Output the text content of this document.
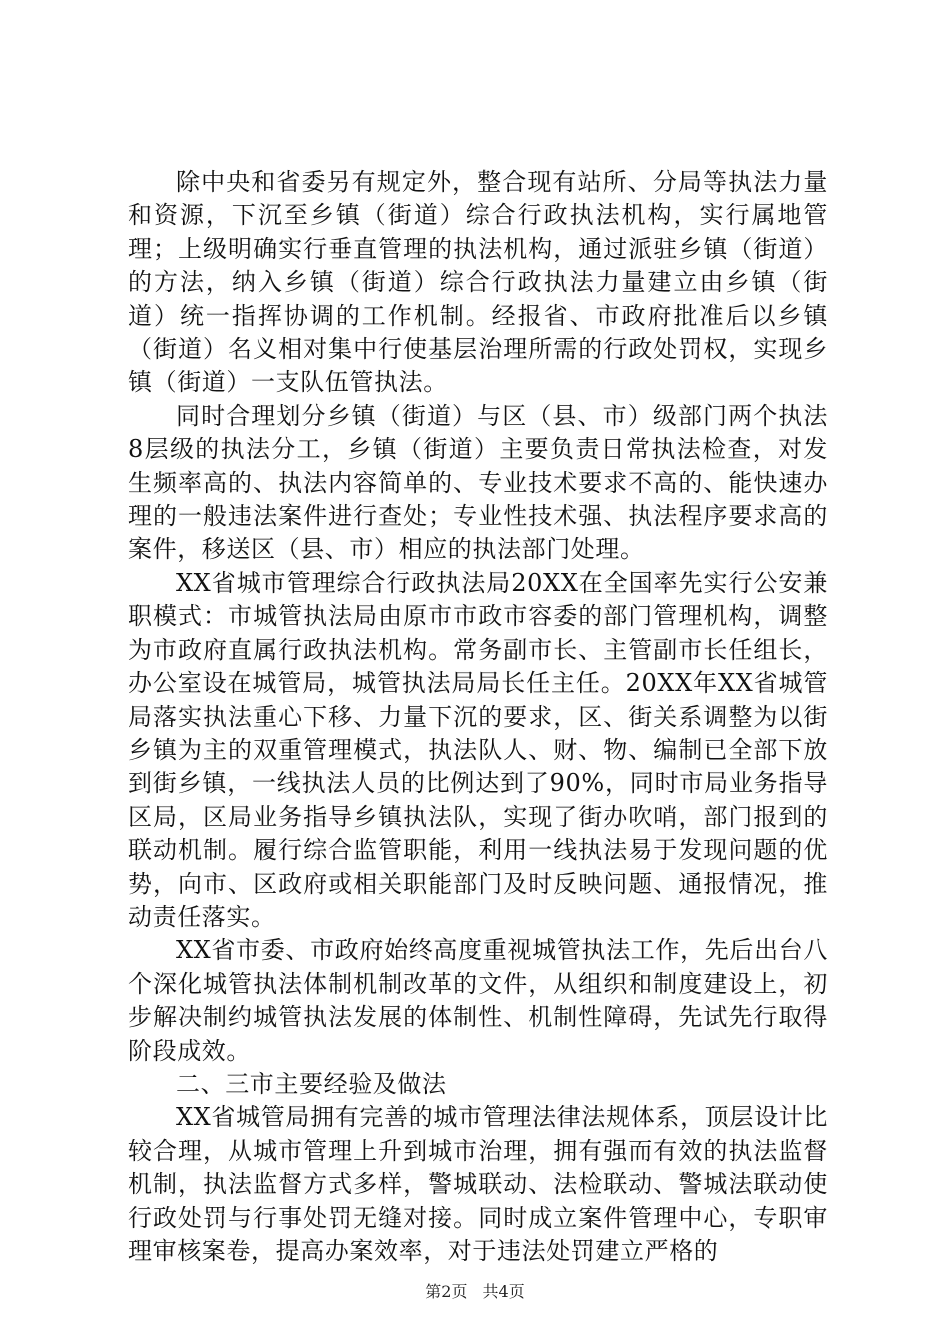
除中央和省委另有规定外，整合现有站所、分局等执法力量和资源，下沉至乡镇（街道）综合行政执法机构，实行属地管理；上级明确实行垂直管理的执法机构，通过派驻乡镇（街道）的方法，纳入乡镇（街道）综合行政执法力量建立由乡镇（街道）统一指挥协调的工作机制。经报省、市政府批准后以乡镇（街道）名义相对集中行使基层治理所需的行政处罚权，实现乡镇（街道）一支队伍管执法。

同时合理划分乡镇（街道）与区（县、市）级部门两个执法8层级的执法分工，乡镇（街道）主要负责日常执法检查，对发生频率高的、执法内容简单的、专业技术要求不高的、能快速办理的一般违法案件进行查处；专业性技术强、执法程序要求高的案件，移送区（县、市）相应的执法部门处理。

XX省城市管理综合行政执法局20XX在全国率先实行公安兼职模式：市城管执法局由原市市政市容委的部门管理机构，调整为市政府直属行政执法机构。常务副市长、主管副市长任组长，办公室设在城管局，城管执法局局长任主任。20XX年XX省城管局落实执法重心下移、力量下沉的要求，区、街关系调整为以街乡镇为主的双重管理模式，执法队人、财、物、编制已全部下放到街乡镇，一线执法人员的比例达到了90%，同时市局业务指导区局，区局业务指导乡镇执法队，实现了街办吹哨，部门报到的联动机制。履行综合监管职能，利用一线执法易于发现问题的优势，向市、区政府或相关职能部门及时反映问题、通报情况，推动责任落实。

XX省市委、市政府始终高度重视城管执法工作，先后出台八个深化城管执法体制机制改革的文件，从组织和制度建设上，初步解决制约城管执法发展的体制性、机制性障碍，先试先行取得阶段成效。

二、三市主要经验及做法

XX省城管局拥有完善的城市管理法律法规体系，顶层设计比较合理，从城市管理上升到城市治理，拥有强而有效的执法监督机制，执法监督方式多样，警城联动、法检联动、警城法联动使行政处罚与行事处罚无缝对接。同时成立案件管理中心，专职审理审核案卷，提高办案效率，对于违法处罚建立严格的

第2页 共4页
